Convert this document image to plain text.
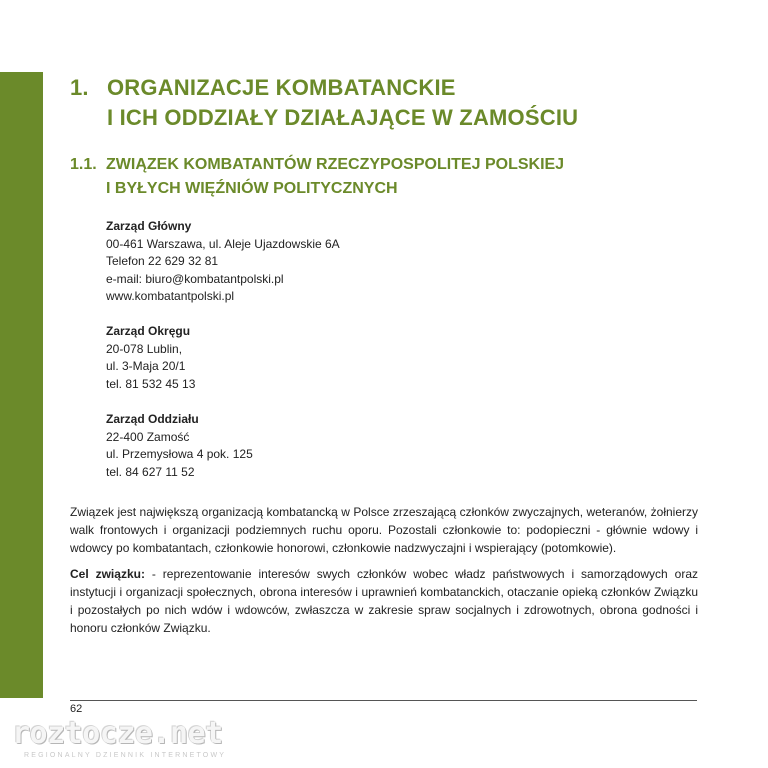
1. ORGANIZACJE KOMBATANCKIE
I ICH ODDZIAŁY DZIAŁAJĄCE W ZAMOŚCIU
1.1. ZWIĄZEK KOMBATANTÓW RZECZYPOSPOLITEJ POLSKIEJ
I BYŁYCH WIĘŹNIÓW POLITYCZNYCH
Zarząd Główny
00-461 Warszawa, ul. Aleje Ujazdowskie 6A
Telefon 22 629 32 81
e-mail: biuro@kombatantpolski.pl
www.kombatantpolski.pl
Zarząd Okręgu
20-078 Lublin,
ul. 3-Maja 20/1
tel. 81 532 45 13
Zarząd Oddziału
22-400 Zamość
ul. Przemysłowa 4 pok. 125
tel. 84 627 11 52
Związek jest największą organizacją kombatancką w Polsce zrzeszającą członków zwyczajnych, weteranów, żołnierzy walk frontowych i organizacji podziemnych ruchu oporu. Pozostali członkowie to: podopieczni - głównie wdowy i wdowcy po kombatantach, członkowie honorowi, członkowie nadzwyczajni i wspierający (potomkowie).
Cel związku: - reprezentowanie interesów swych członków wobec władz państwowych i samorządowych oraz instytucji i organizacji społecznych, obrona interesów i uprawnień kombatanckich, otaczanie opieką członków Związku i pozostałych po nich wdów i wdowców, zwłaszcza w zakresie spraw socjalnych i zdrowotnych, obrona godności i honoru członków Związku.
62
roztocze.net
REGIONALNY DZIENNIK INTERNETOWY
